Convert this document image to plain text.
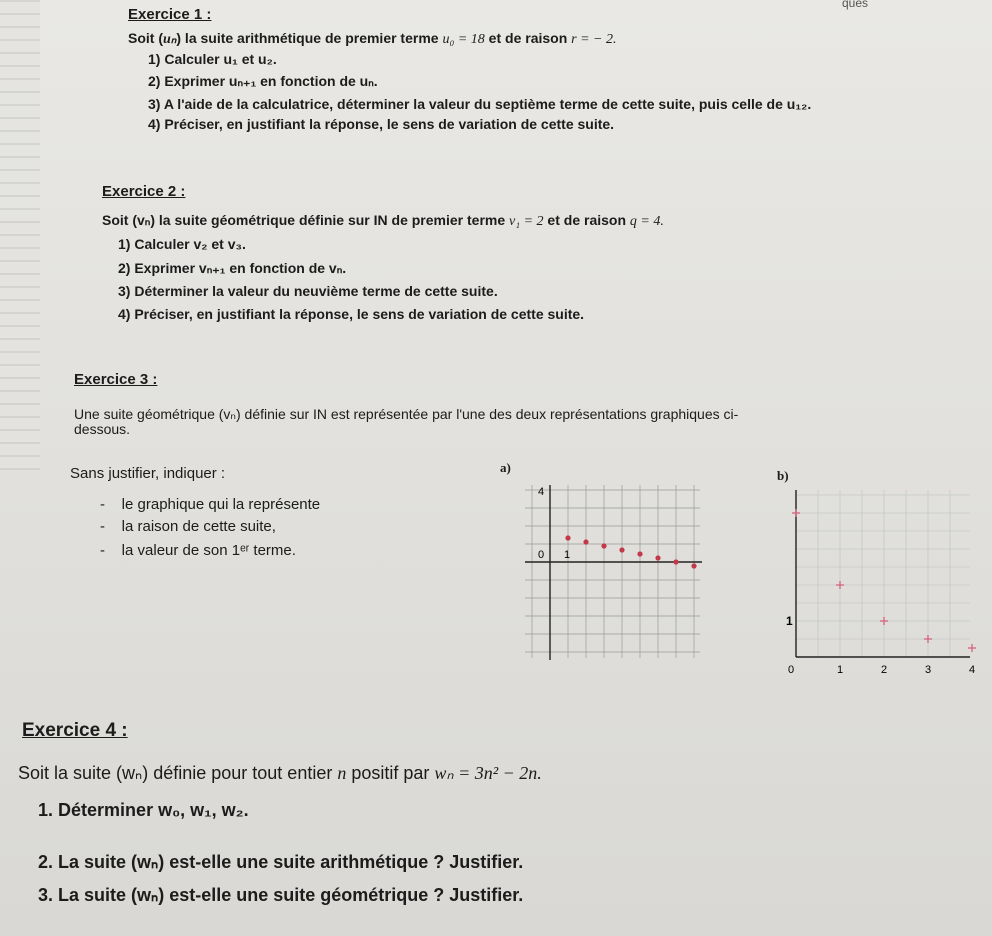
ques
Exercice 1 :
Soit (uₙ) la suite arithmétique de premier terme u₀ = 18 et de raison r = − 2.
1) Calculer u₁ et u₂.
2) Exprimer uₙ₊₁ en fonction de uₙ.
3) A l'aide de la calculatrice, déterminer la valeur du septième terme de cette suite, puis celle de u₁₂.
4) Préciser, en justifiant la réponse, le sens de variation de cette suite.
Exercice 2 :
Soit (vₙ) la suite géométrique définie sur IN de premier terme v₁ = 2 et de raison q = 4.
1) Calculer v₂ et v₃.
2) Exprimer vₙ₊₁ en fonction de vₙ.
3) Déterminer la valeur du neuvième terme de cette suite.
4) Préciser, en justifiant la réponse, le sens de variation de cette suite.
Exercice 3 :
Une suite géométrique (vₙ) définie sur IN est représentée par l'une des deux représentations graphiques ci-
dessous.
Sans justifier, indiquer :
- le graphique qui la représente
- la raison de cette suite,
- la valeur de son 1ᵉʳ terme.
a)
4
0 1
b)
0	1	2	3	4
1
Exercice 4 :
Soit la suite (wₙ) définie pour tout entier n positif par wₙ = 3n² − 2n.
1. Déterminer w₀, w₁, w₂.
2. La suite (wₙ) est-elle une suite arithmétique ? Justifier.
3. La suite (wₙ) est-elle une suite géométrique ? Justifier.
